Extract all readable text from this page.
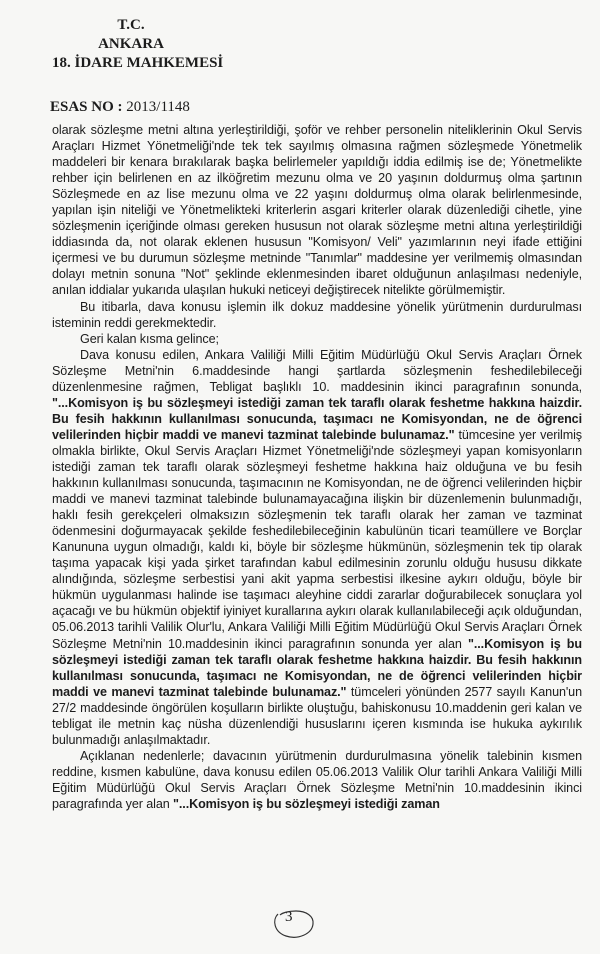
T.C.
ANKARA
18. İDARE MAHKEMESİ
ESAS NO : 2013/1148

olarak sözleşme metni altına yerleştirildiği, şoför ve rehber personelin niteliklerinin Okul Servis Araçları Hizmet Yönetmeliği'nde tek tek sayılmış olmasına rağmen sözleşmede Yönetmelik maddeleri bir kenara bırakılarak başka belirlemeler yapıldığı iddia edilmiş ise de; Yönetmelikte rehber için belirlenen en az ilköğretim mezunu olma ve 20 yaşının doldurmuş olma şartının Sözleşmede en az lise mezunu olma ve 22 yaşını doldurmuş olma olarak belirlenmesinde, yapılan işin niteliği ve Yönetmelikteki kriterlerin asgari kriterler olarak düzenlediği cihetle, yine sözleşmenin içeriğinde olması gereken hususun not olarak sözleşme metni altına yerleştirildiği iddiasında da, not olarak eklenen hususun "Komisyon/ Veli" yazımlarının neyi ifade ettiğini içermesi ve bu durumun sözleşme metninde "Tanımlar" maddesine yer verilmemiş olmasından dolayı metnin sonuna "Not" şeklinde eklenmesinden ibaret olduğunun anlaşılması nedeniyle, anılan iddialar yukarıda ulaşılan hukuki neticeyi değiştirecek nitelikte görülmemiştir.

Bu itibarla, dava konusu işlemin ilk dokuz maddesine yönelik yürütmenin durdurulması isteminin reddi gerekmektedir.

Geri kalan kısma gelince;

Dava konusu edilen, Ankara Valiliği Milli Eğitim Müdürlüğü Okul Servis Araçları Örnek Sözleşme Metni'nin 6.maddesinde hangi şartlarda sözleşmenin feshedilebileceği düzenlenmesine rağmen, Tebligat başlıklı 10. maddesinin ikinci paragrafının sonunda, "...Komisyon iş bu sözleşmeyi istediği zaman tek taraflı olarak feshetme hakkına haizdir. Bu fesih hakkının kullanılması sonucunda, taşımacı ne Komisyondan, ne de öğrenci velilerinden hiçbir maddi ve manevi tazminat talebinde bulunamaz." tümcesine yer verilmiş olmakla birlikte, Okul Servis Araçları Hizmet Yönetmeliği'nde sözleşmeyi yapan komisyonların istediği zaman tek taraflı olarak sözleşmeyi feshetme hakkına haiz olduğuna ve bu fesih hakkının kullanılması sonucunda, taşımacının ne Komisyondan, ne de öğrenci velilerinden hiçbir maddi ve manevi tazminat talebinde bulunamayacağına ilişkin bir düzenlemenin bulunmadığı, haklı fesih gerekçeleri olmaksızın sözleşmenin tek taraflı olarak her zaman ve tazminat ödenmesini doğurmayacak şekilde feshedilebileceğinin kabulünün ticari teamüllere ve Borçlar Kanununa uygun olmadığı, kaldı ki, böyle bir sözleşme hükmünün, sözleşmenin tek tip olarak taşıma yapacak kişi yada şirket tarafından kabul edilmesinin zorunlu olduğu hususu dikkate alındığında, sözleşme serbestisi yani akit yapma serbestisi ilkesine aykırı olduğu, böyle bir hükmün uygulanması halinde ise taşımacı aleyhine ciddi zararlar doğurabilecek sonuçlara yol açacağı ve bu hükmün objektif iyiniyet kurallarına aykırı olarak kullanılabileceği açık olduğundan, 05.06.2013 tarihli Valilik Olur'lu, Ankara Valiliği Milli Eğitim Müdürlüğü Okul Servis Araçları Örnek Sözleşme Metni'nin 10.maddesinin ikinci paragrafının sonunda yer alan "...Komisyon iş bu sözleşmeyi istediği zaman tek taraflı olarak feshetme hakkına haizdir. Bu fesih hakkının kullanılması sonucunda, taşımacı ne Komisyondan, ne de öğrenci velilerinden hiçbir maddi ve manevi tazminat talebinde bulunamaz." tümceleri yönünden 2577 sayılı Kanun'un 27/2 maddesinde öngörülen koşulların birlikte oluştuğu, bahiskonusu 10.maddenin geri kalan ve tebligat ile metnin kaç nüsha düzenlendiği hususlarını içeren kısmında ise hukuka aykırılık bulunmadığı anlaşılmaktadır.

Açıklanan nedenlerle; davacının yürütmenin durdurulmasına yönelik talebinin kısmen reddine, kısmen kabulüne, dava konusu edilen 05.06.2013 Valilik Olur tarihli Ankara Valiliği Milli Eğitim Müdürlüğü Okul Servis Araçları Örnek Sözleşme Metni'nin 10.maddesinin ikinci paragrafında yer alan "...Komisyon iş bu sözleşmeyi istediği zaman

3
